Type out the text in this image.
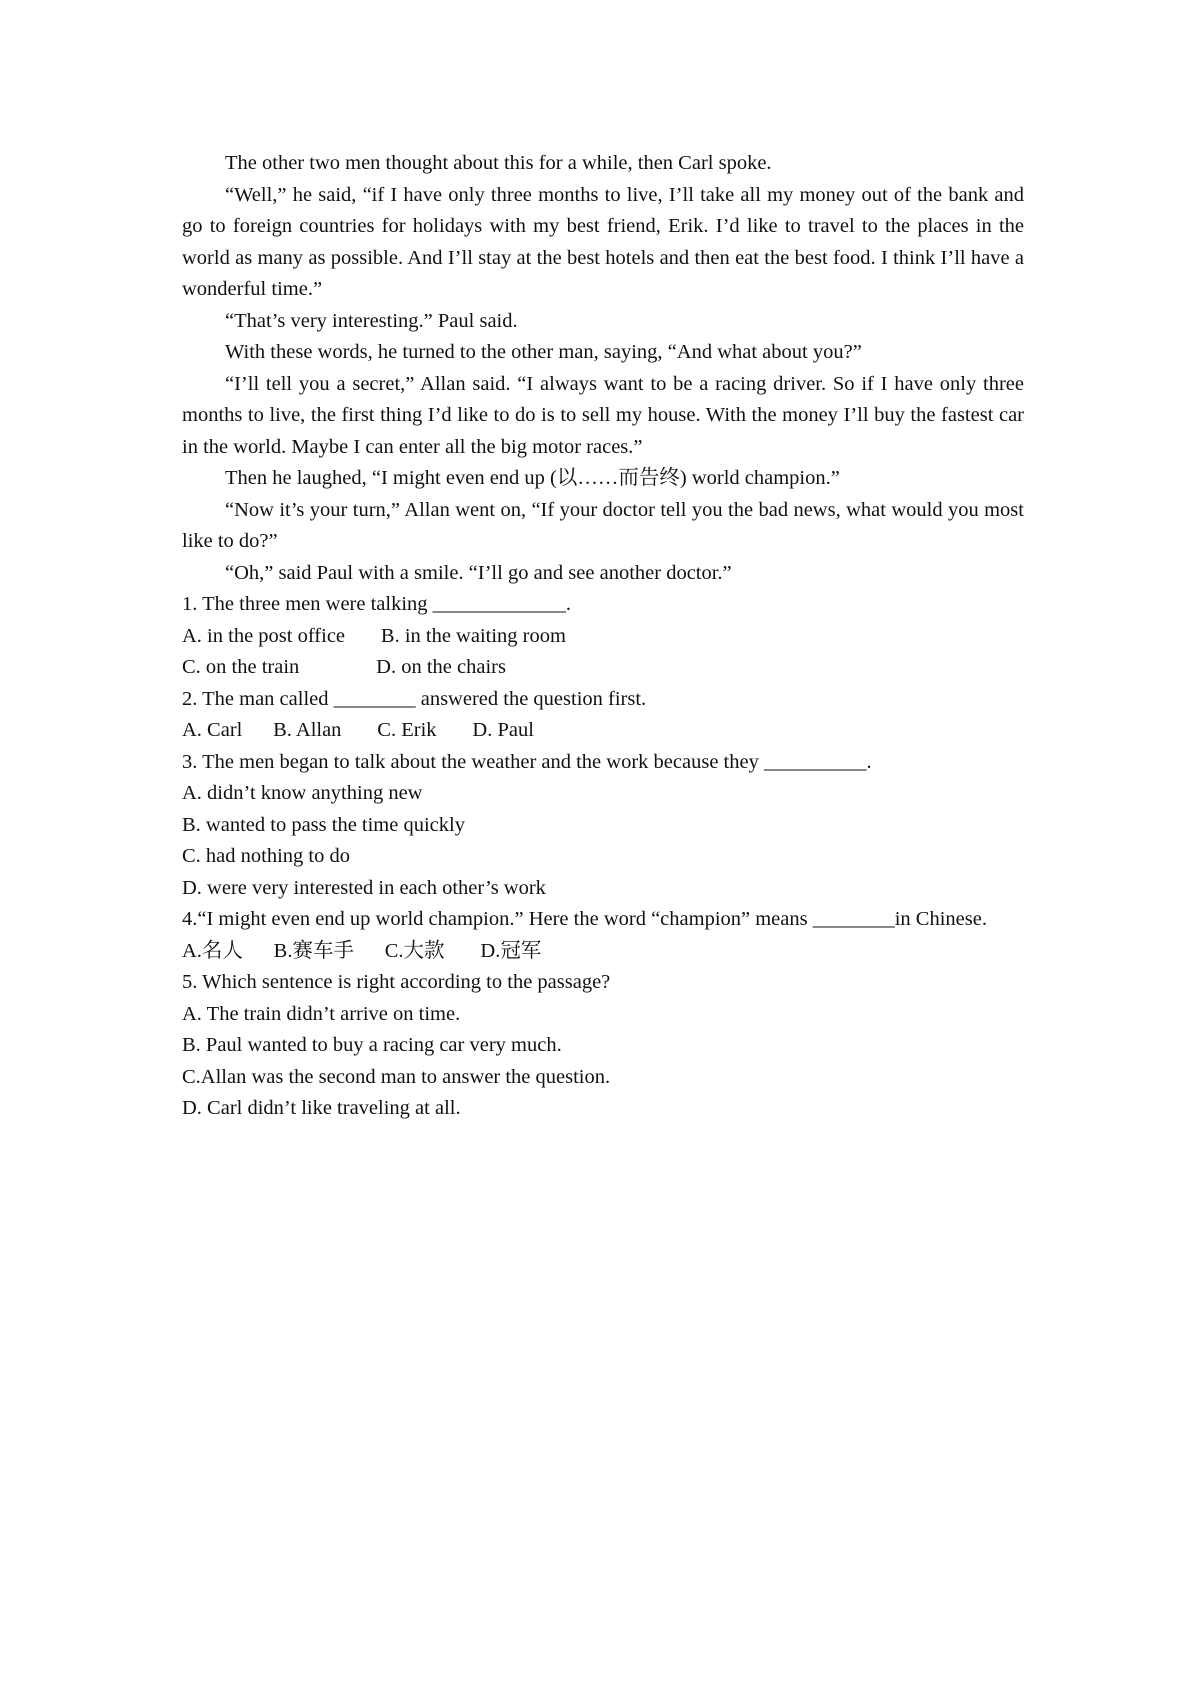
The other two men thought about this for a while, then Carl spoke.
“Well,” he said, “if I have only three months to live, I’ll take all my money out of the bank and go to foreign countries for holidays with my best friend, Erik. I’d like to travel to the places in the world as many as possible. And I’ll stay at the best hotels and then eat the best food. I think I’ll have a wonderful time.”
“That’s very interesting.” Paul said.
With these words, he turned to the other man, saying, “And what about you?”
“I’ll tell you a secret,” Allan said. “I always want to be a racing driver. So if I have only three months to live, the first thing I’d like to do is to sell my house. With the money I’ll buy the fastest car in the world. Maybe I can enter all the big motor races.”
Then he laughed, “I might even end up (以……而告终) world champion.”
“Now it’s your turn,” Allan went on, “If your doctor tell you the bad news, what would you most like to do?”
“Oh,” said Paul with a smile. “I’ll go and see another doctor.”
1. The three men were talking _____________.
A. in the post office       B. in the waiting room
C. on the train               D. on the chairs
2. The man called ________ answered the question first.
A. Carl      B. Allan       C. Erik       D. Paul
3. The men began to talk about the weather and the work because they __________.
A. didn’t know anything new
B. wanted to pass the time quickly
C. had nothing to do
D. were very interested in each other’s work
4.“I might even end up world champion.” Here the word “champion” means ________in Chinese.
A.名人      B.赛车手      C.大款       D.冠军
5. Which sentence is right according to the passage?
A. The train didn’t arrive on time.
B. Paul wanted to buy a racing car very much.
C.Allan was the second man to answer the question.
D. Carl didn’t like traveling at all.
